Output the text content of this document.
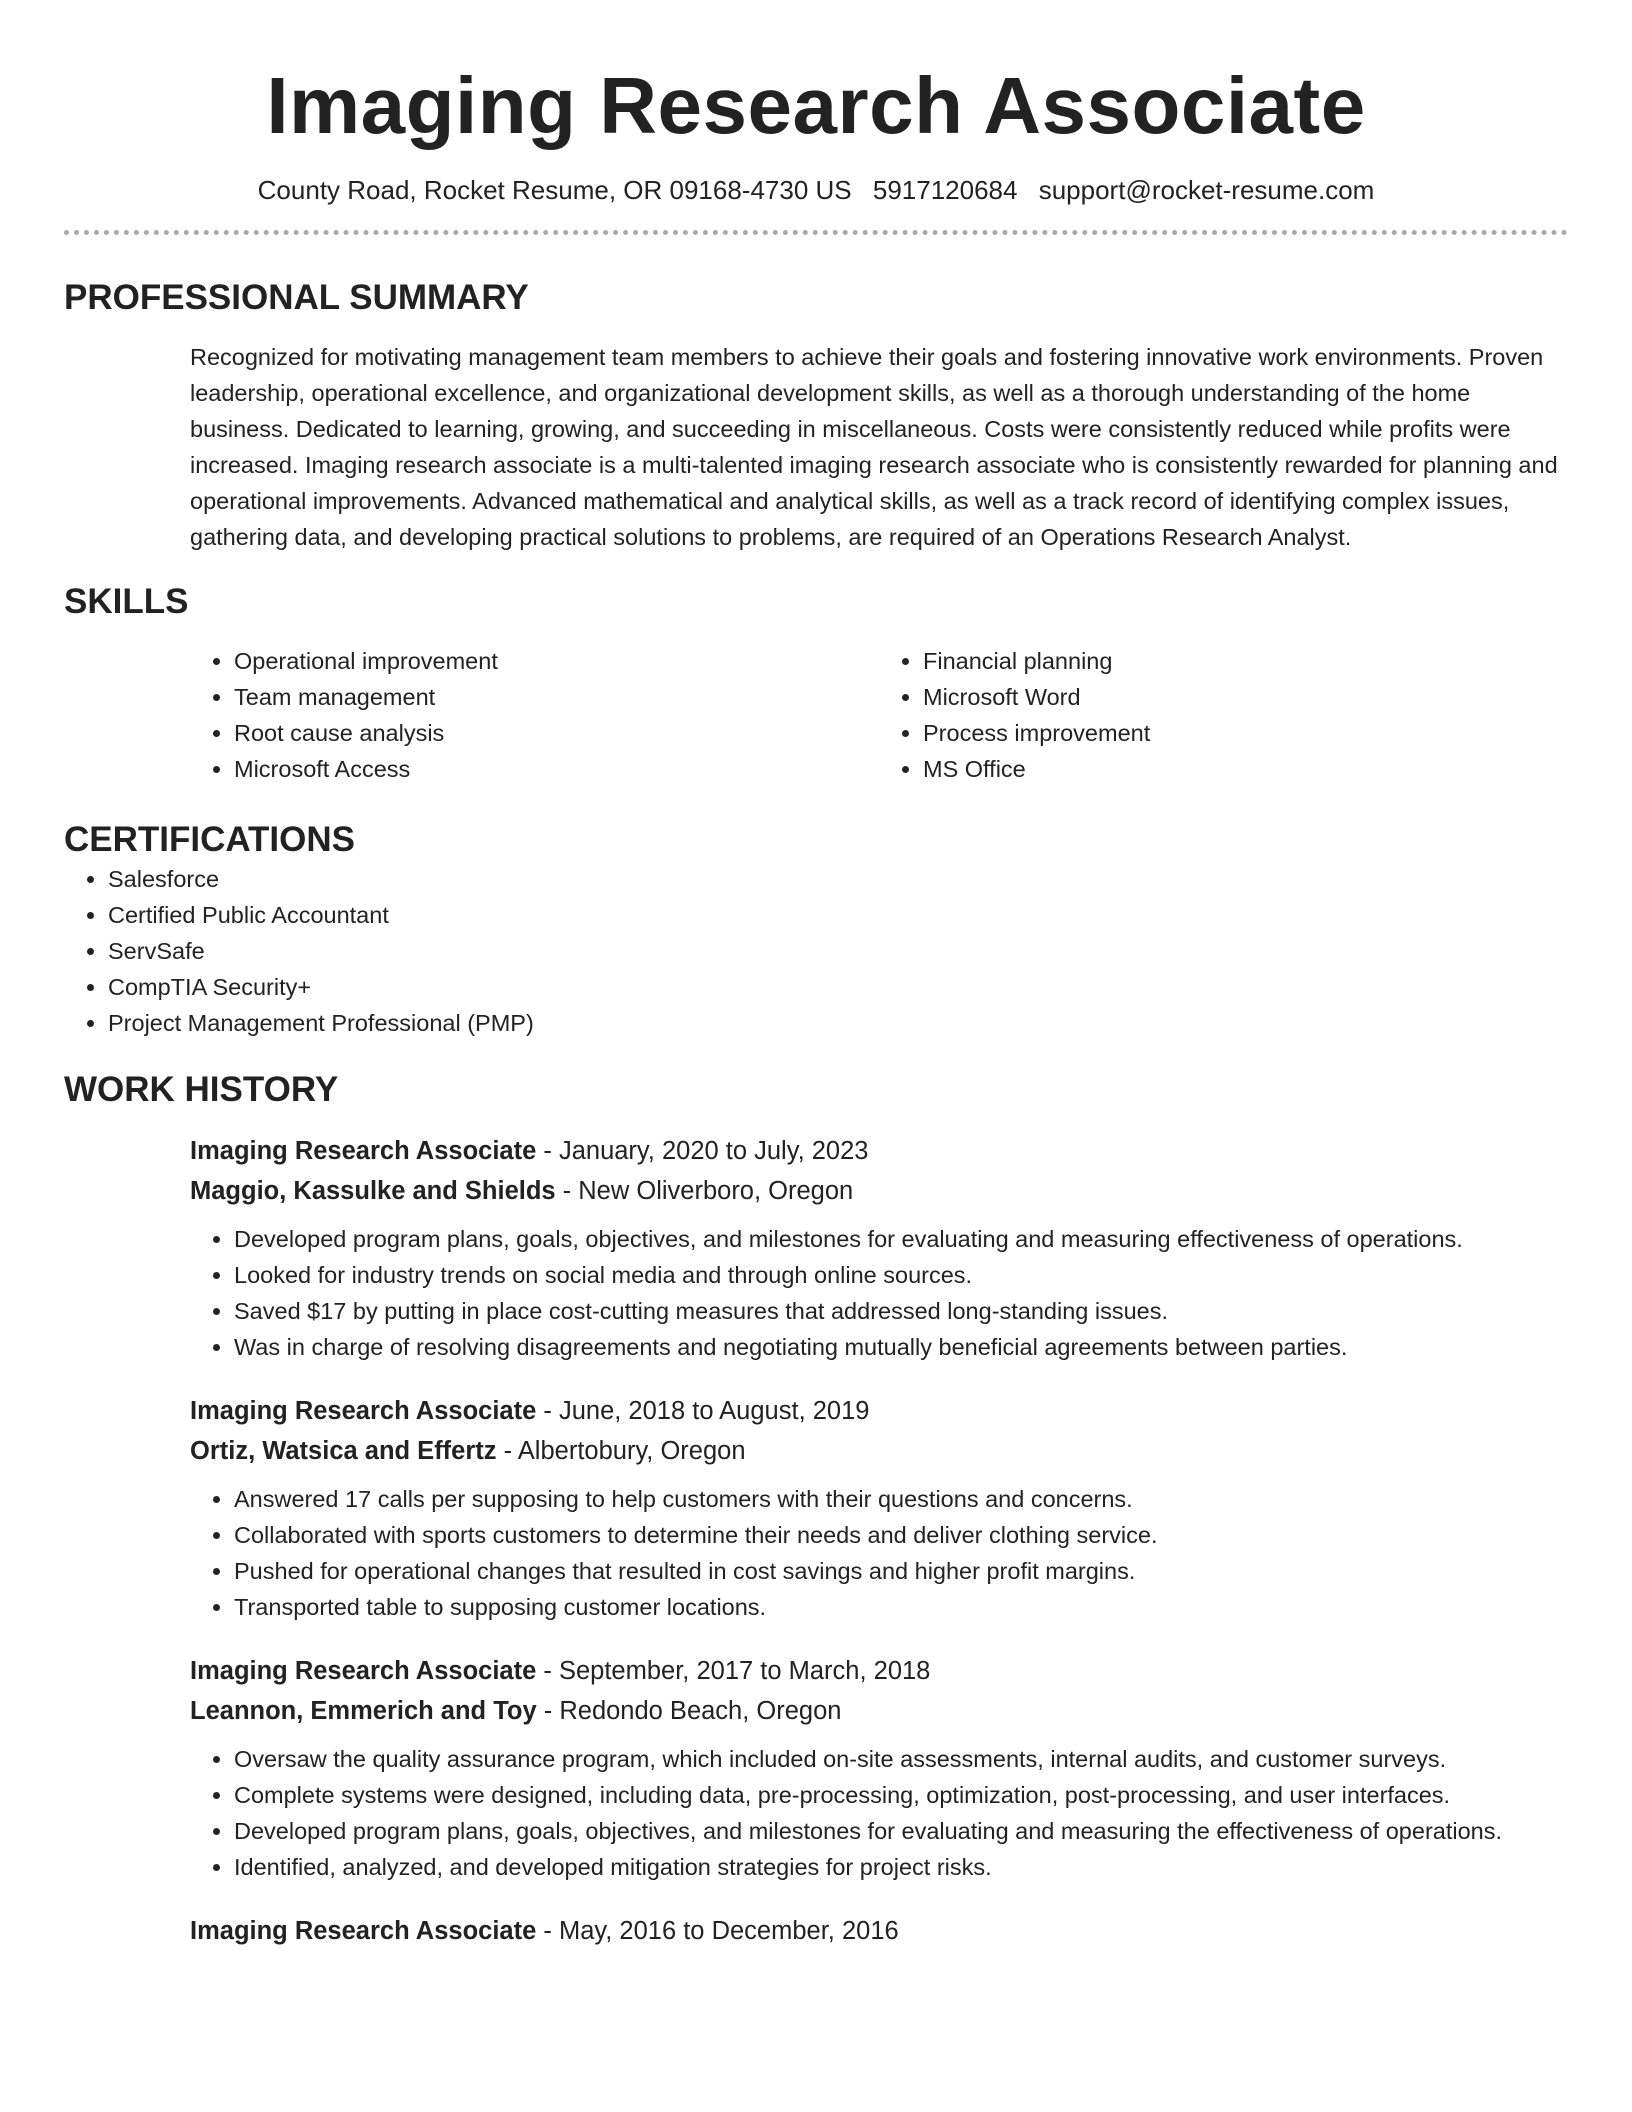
Imaging Research Associate
County Road, Rocket Resume, OR 09168-4730 US 5917120684 support@rocket-resume.com
PROFESSIONAL SUMMARY

Recognized for motivating management team members to achieve their goals and fostering innovative work environments. Proven leadership, operational excellence, and organizational development skills, as well as a thorough understanding of the home business. Dedicated to learning, growing, and succeeding in miscellaneous. Costs were consistently reduced while profits were increased. Imaging research associate is a multi-talented imaging research associate who is consistently rewarded for planning and operational improvements. Advanced mathematical and analytical skills, as well as a track record of identifying complex issues, gathering data, and developing practical solutions to problems, are required of an Operations Research Analyst.

SKILLS
• Operational improvement
• Team management
• Root cause analysis
• Microsoft Access
• Financial planning
• Microsoft Word
• Process improvement
• MS Office
CERTIFICATIONS
• Salesforce
• Certified Public Accountant
• ServSafe
• CompTIA Security+
• Project Management Professional (PMP)
WORK HISTORY
Imaging Research Associate - January, 2020 to July, 2023
Maggio, Kassulke and Shields - New Oliverboro, Oregon
• Developed program plans, goals, objectives, and milestones for evaluating and measuring effectiveness of operations.
• Looked for industry trends on social media and through online sources.
• Saved $17 by putting in place cost-cutting measures that addressed long-standing issues.
• Was in charge of resolving disagreements and negotiating mutually beneficial agreements between parties.
Imaging Research Associate - June, 2018 to August, 2019
Ortiz, Watsica and Effertz - Albertobury, Oregon
• Answered 17 calls per supposing to help customers with their questions and concerns.
• Collaborated with sports customers to determine their needs and deliver clothing service.
• Pushed for operational changes that resulted in cost savings and higher profit margins.
• Transported table to supposing customer locations.
Imaging Research Associate - September, 2017 to March, 2018
Leannon, Emmerich and Toy - Redondo Beach, Oregon
• Oversaw the quality assurance program, which included on-site assessments, internal audits, and customer surveys.
• Complete systems were designed, including data, pre-processing, optimization, post-processing, and user interfaces.
• Developed program plans, goals, objectives, and milestones for evaluating and measuring the effectiveness of operations.
• Identified, analyzed, and developed mitigation strategies for project risks.
Imaging Research Associate - May, 2016 to December, 2016
